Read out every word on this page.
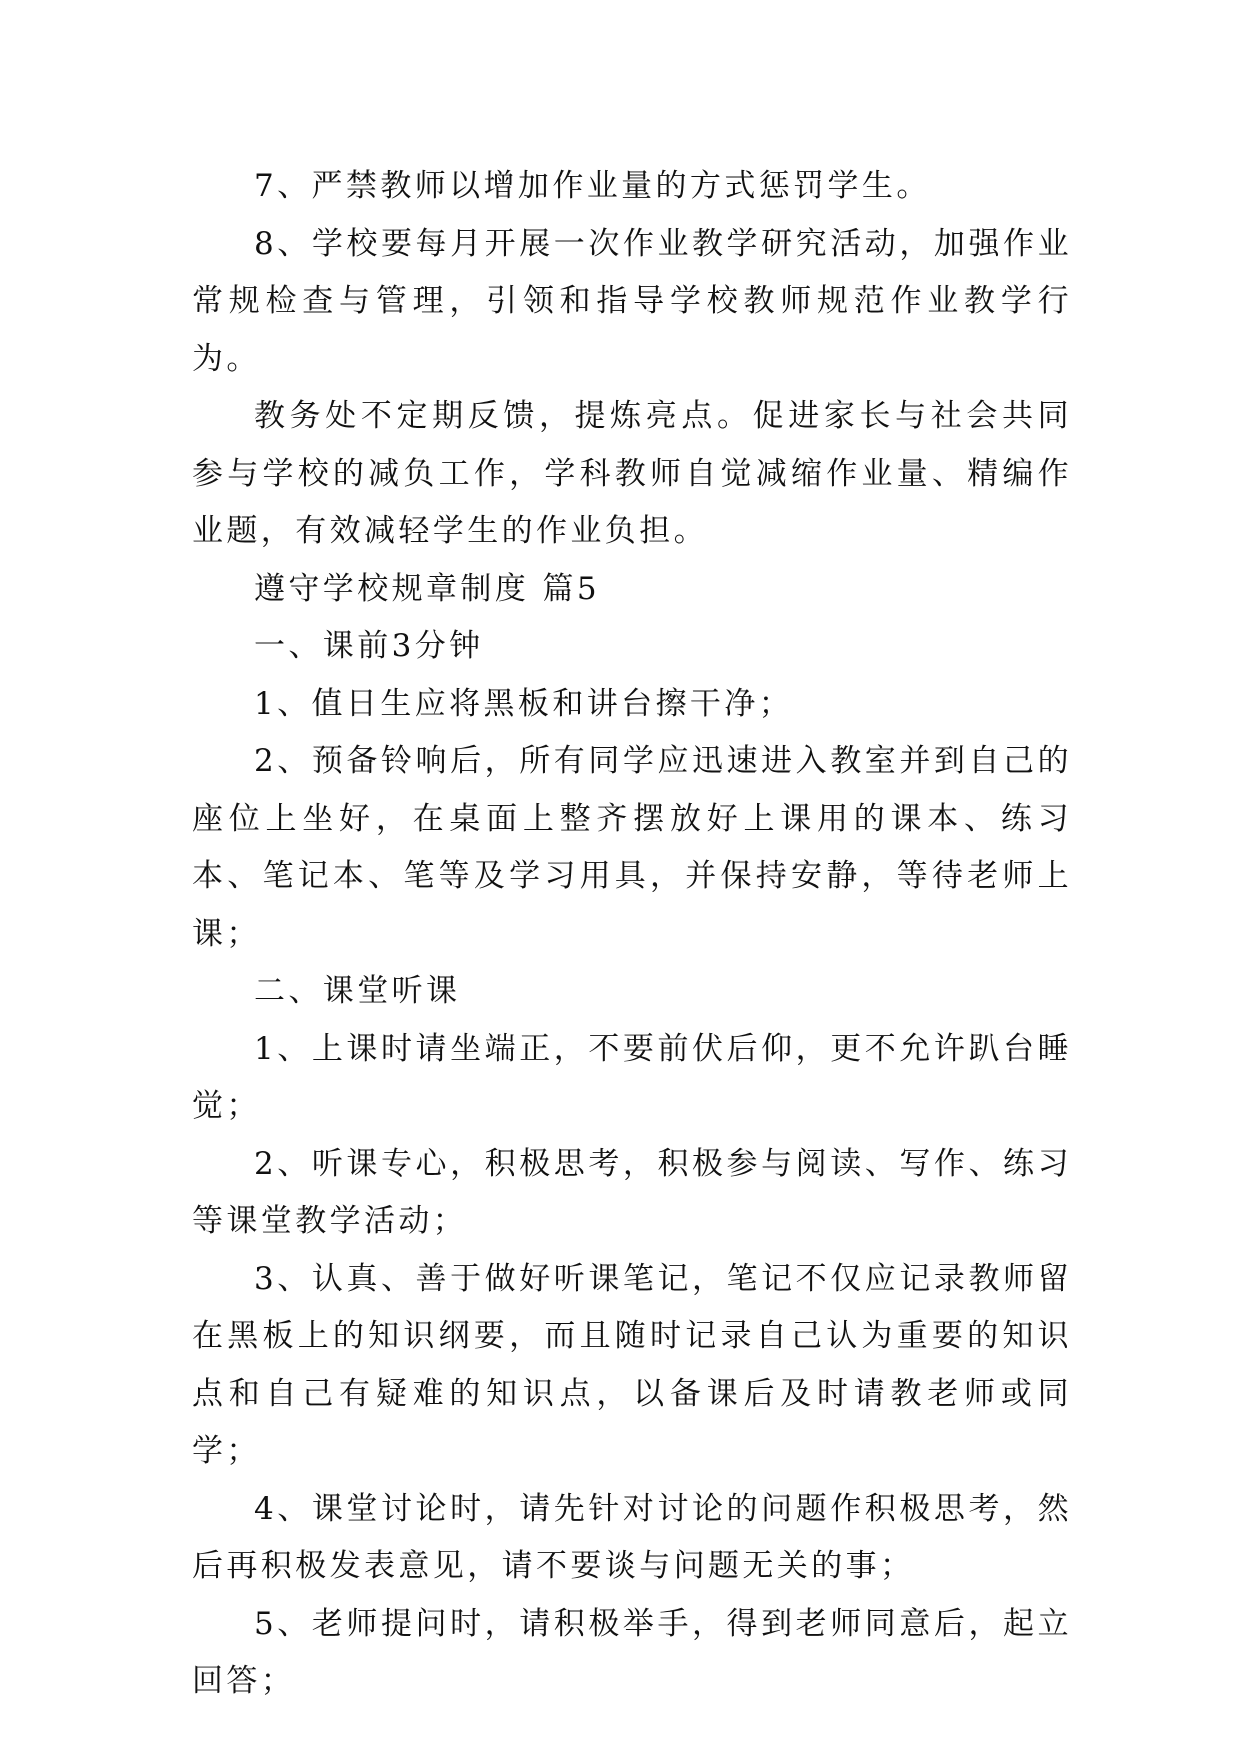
7、严禁教师以增加作业量的方式惩罚学生。

8、学校要每月开展一次作业教学研究活动，加强作业常规检查与管理，引领和指导学校教师规范作业教学行为。

教务处不定期反馈，提炼亮点。促进家长与社会共同参与学校的减负工作，学科教师自觉减缩作业量、精编作业题，有效减轻学生的作业负担。

遵守学校规章制度 篇5

一、课前3分钟

1、值日生应将黑板和讲台擦干净；

2、预备铃响后，所有同学应迅速进入教室并到自己的座位上坐好，在桌面上整齐摆放好上课用的课本、练习本、笔记本、笔等及学习用具，并保持安静，等待老师上课；

二、课堂听课

1、上课时请坐端正，不要前伏后仰，更不允许趴台睡觉；

2、听课专心，积极思考，积极参与阅读、写作、练习等课堂教学活动；

3、认真、善于做好听课笔记，笔记不仅应记录教师留在黑板上的知识纲要，而且随时记录自己认为重要的知识点和自己有疑难的知识点，以备课后及时请教老师或同学；

4、课堂讨论时，请先针对讨论的问题作积极思考，然后再积极发表意见，请不要谈与问题无关的事；

5、老师提问时，请积极举手，得到老师同意后，起立回答；
